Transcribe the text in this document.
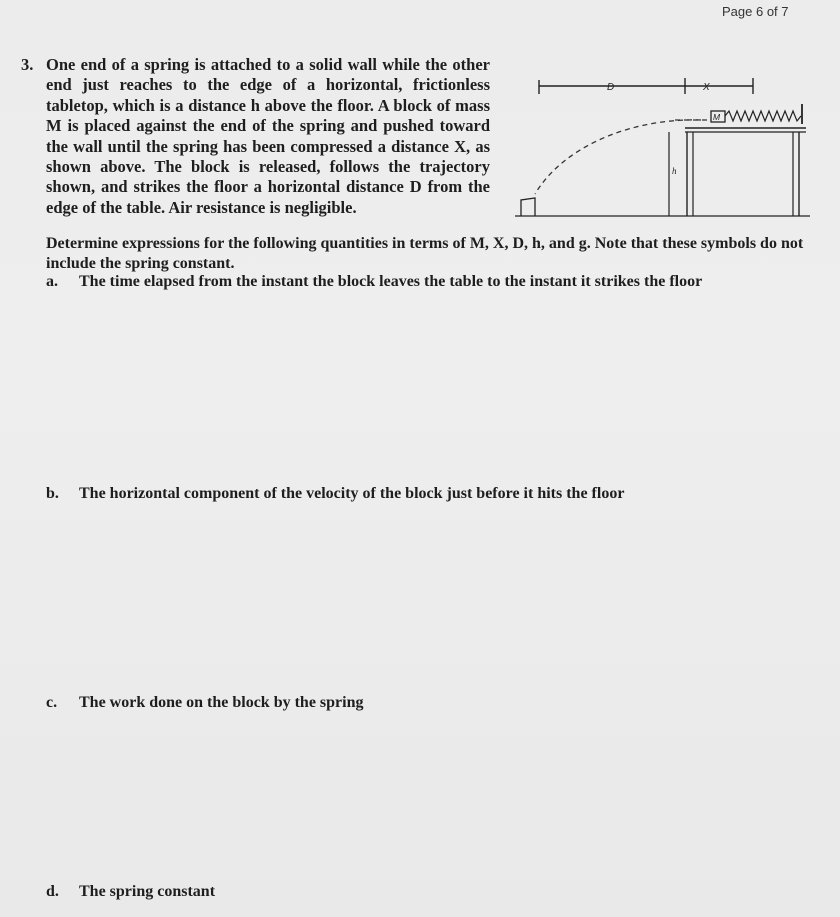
Page 6 of 7
3. One end of a spring is attached to a solid wall while the other end just reaches to the edge of a horizontal, frictionless tabletop, which is a distance h above the floor. A block of mass M is placed against the end of the spring and pushed toward the wall until the spring has been compressed a distance X, as shown above. The block is released, follows the trajectory shown, and strikes the floor a horizontal distance D from the edge of the table. Air resistance is negligible.

D	X
M
h

Determine expressions for the following quantities in terms of M, X, D, h, and g. Note that these symbols do not include the spring constant.

a. The time elapsed from the instant the block leaves the table to the instant it strikes the floor
b. The horizontal component of the velocity of the block just before it hits the floor
c. The work done on the block by the spring
d. The spring constant
